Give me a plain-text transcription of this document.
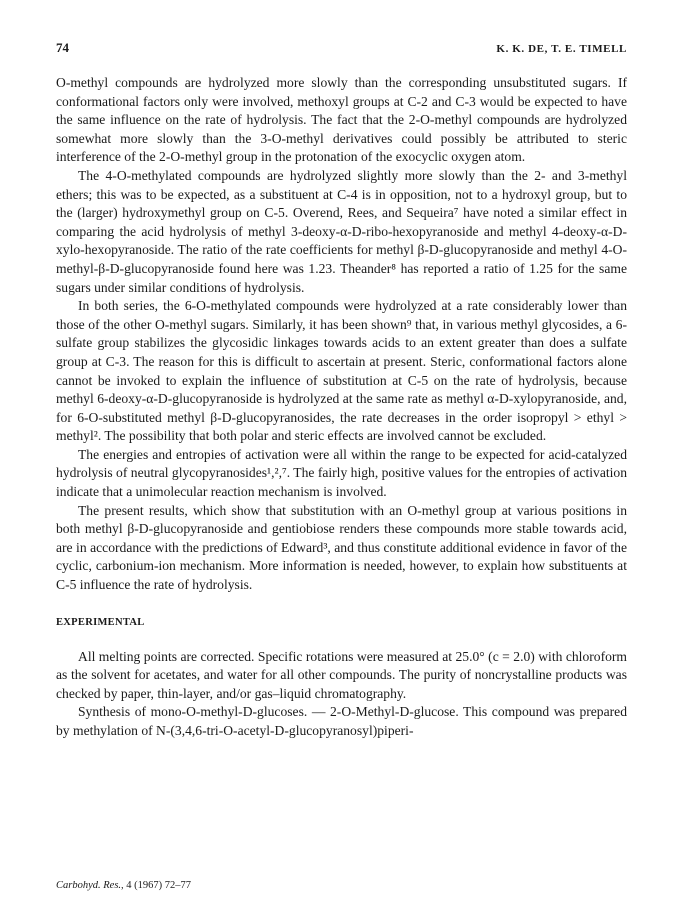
74	K. K. DE, T. E. TIMELL

O-methyl compounds are hydrolyzed more slowly than the corresponding unsubstituted sugars. If conformational factors only were involved, methoxyl groups at C-2 and C-3 would be expected to have the same influence on the rate of hydrolysis. The fact that the 2-O-methyl compounds are hydrolyzed somewhat more slowly than the 3-O-methyl derivatives could possibly be attributed to steric interference of the 2-O-methyl group in the protonation of the exocyclic oxygen atom.

The 4-O-methylated compounds are hydrolyzed slightly more slowly than the 2- and 3-methyl ethers; this was to be expected, as a substituent at C-4 is in opposition, not to a hydroxyl group, but to the (larger) hydroxymethyl group on C-5. Overend, Rees, and Sequeira⁷ have noted a similar effect in comparing the acid hydrolysis of methyl 3-deoxy-α-D-ribo-hexopyranoside and methyl 4-deoxy-α-D-xylo-hexopyranoside. The ratio of the rate coefficients for methyl β-D-glucopyranoside and methyl 4-O-methyl-β-D-glucopyranoside found here was 1.23. Theander⁸ has reported a ratio of 1.25 for the same sugars under similar conditions of hydrolysis.

In both series, the 6-O-methylated compounds were hydrolyzed at a rate considerably lower than those of the other O-methyl sugars. Similarly, it has been shown⁹ that, in various methyl glycosides, a 6-sulfate group stabilizes the glycosidic linkages towards acids to an extent greater than does a sulfate group at C-3. The reason for this is difficult to ascertain at present. Steric, conformational factors alone cannot be invoked to explain the influence of substitution at C-5 on the rate of hydrolysis, because methyl 6-deoxy-α-D-glucopyranoside is hydrolyzed at the same rate as methyl α-D-xylopyranoside, and, for 6-O-substituted methyl β-D-glucopyranosides, the rate decreases in the order isopropyl > ethyl > methyl². The possibility that both polar and steric effects are involved cannot be excluded.

The energies and entropies of activation were all within the range to be expected for acid-catalyzed hydrolysis of neutral glycopyranosides¹,²,⁷. The fairly high, positive values for the entropies of activation indicate that a unimolecular reaction mechanism is involved.

The present results, which show that substitution with an O-methyl group at various positions in both methyl β-D-glucopyranoside and gentiobiose renders these compounds more stable towards acid, are in accordance with the predictions of Edward³, and thus constitute additional evidence in favor of the cyclic, carbonium-ion mechanism. More information is needed, however, to explain how substituents at C-5 influence the rate of hydrolysis.

EXPERIMENTAL

All melting points are corrected. Specific rotations were measured at 25.0° (c = 2.0) with chloroform as the solvent for acetates, and water for all other compounds. The purity of noncrystalline products was checked by paper, thin-layer, and/or gas–liquid chromatography.

Synthesis of mono-O-methyl-D-glucoses. — 2-O-Methyl-D-glucose. This compound was prepared by methylation of N-(3,4,6-tri-O-acetyl-D-glucopyranosyl)piperi-

Carbohyd. Res., 4 (1967) 72–77
